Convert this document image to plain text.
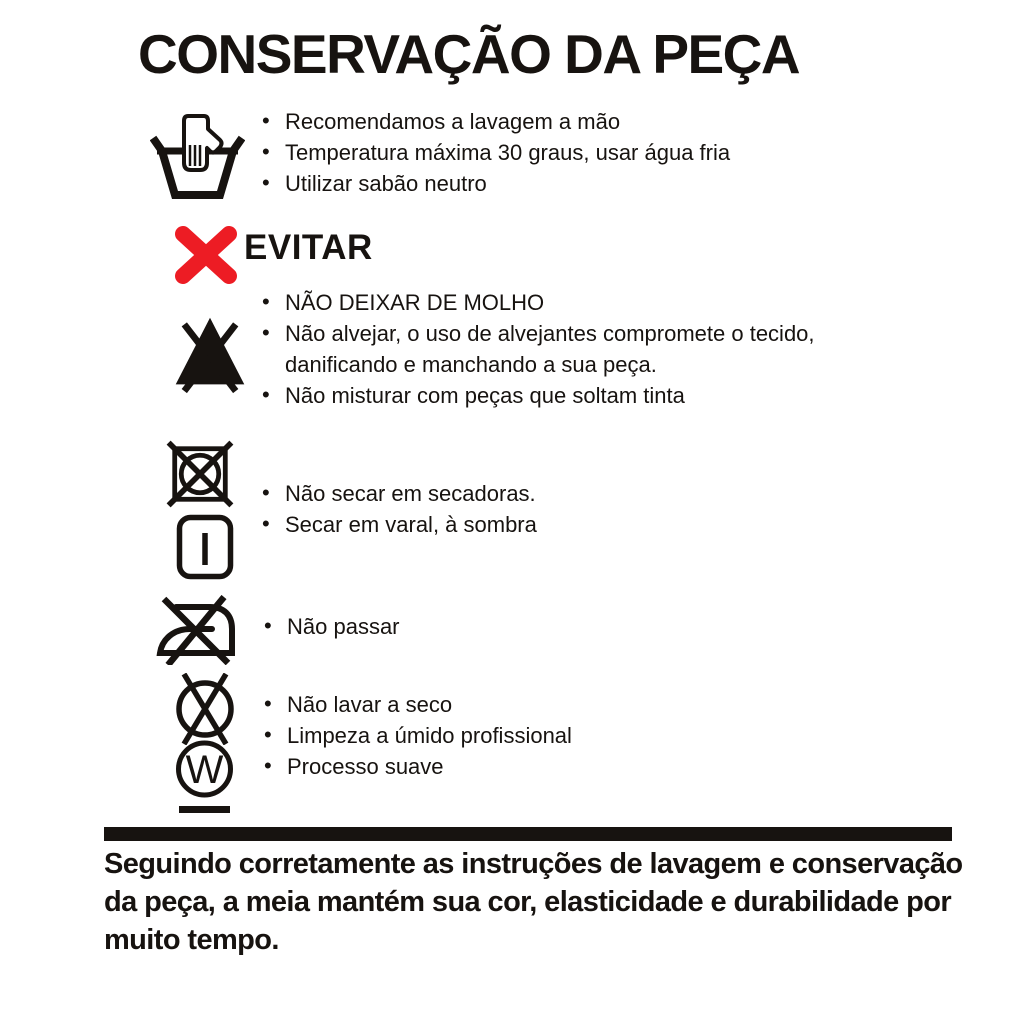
CONSERVAÇÃO DA PEÇA
• Recomendamos a lavagem a mão
• Temperatura máxima 30 graus, usar água fria
• Utilizar sabão neutro
EVITAR
• NÃO DEIXAR DE MOLHO
• Não alvejar, o uso de alvejantes compromete o tecido, danificando e manchando a sua peça.
• Não misturar com peças que soltam tinta
• Não secar em secadoras.
• Secar em varal, à sombra
• Não passar
W
• Não lavar a seco
• Limpeza a úmido profissional
• Processo suave
Seguindo corretamente as instruções de lavagem e conservação
da peça, a meia mantém sua cor, elasticidade e durabilidade por
muito tempo.
